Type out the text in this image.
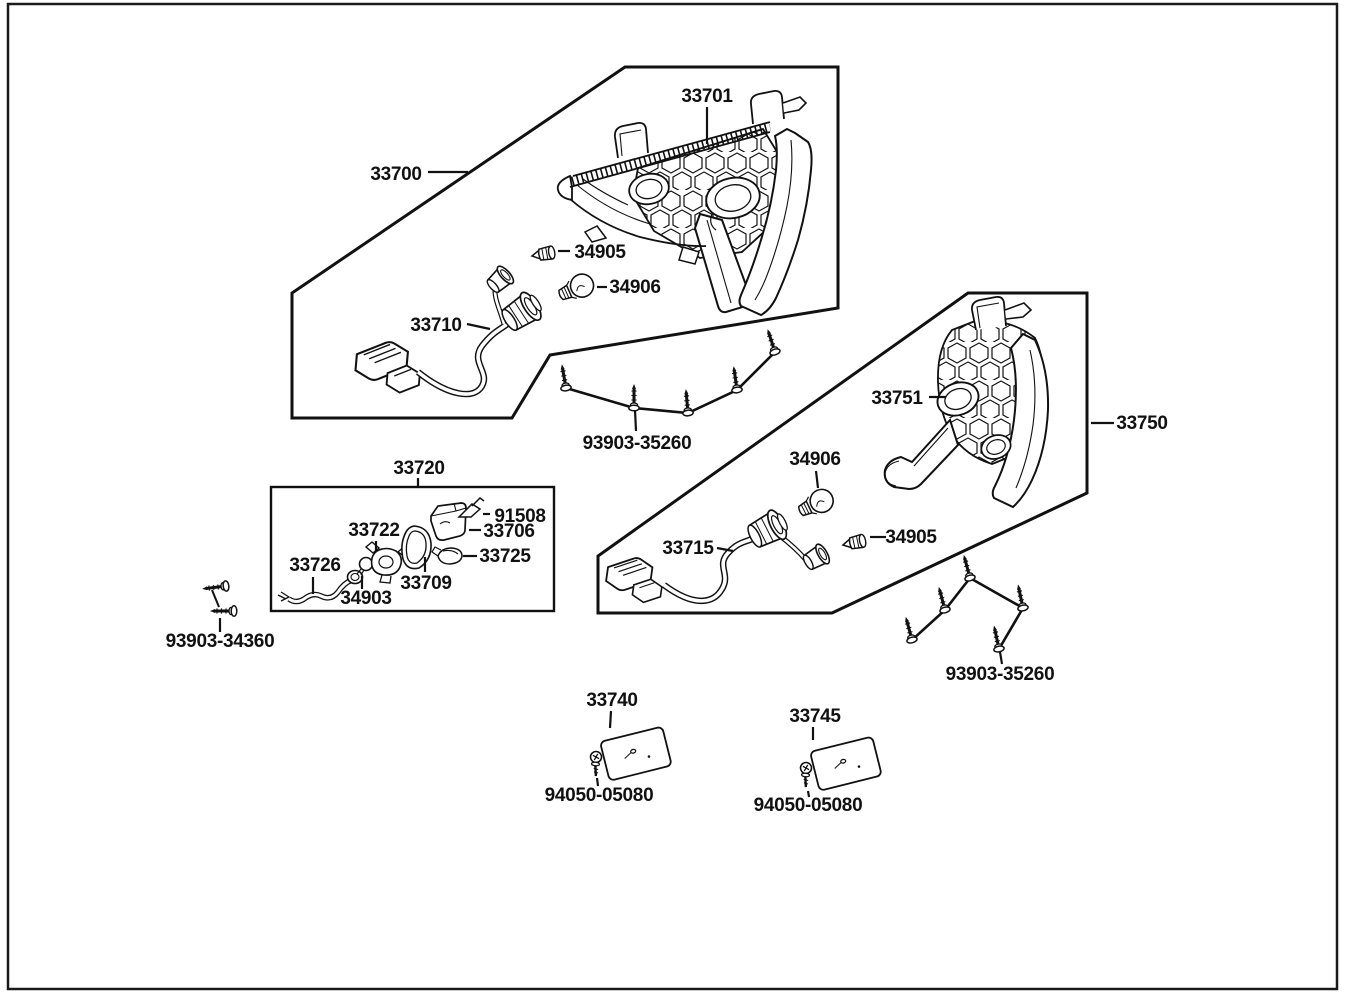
33701
33700
34905
34906
33710
93903-35260
33720
91508
33706
33725
33722
33709
33726
34903
93903-34360
33751
33750
34906
34905
33715
93903-35260
33740
94050-05080
33745
94050-05080
